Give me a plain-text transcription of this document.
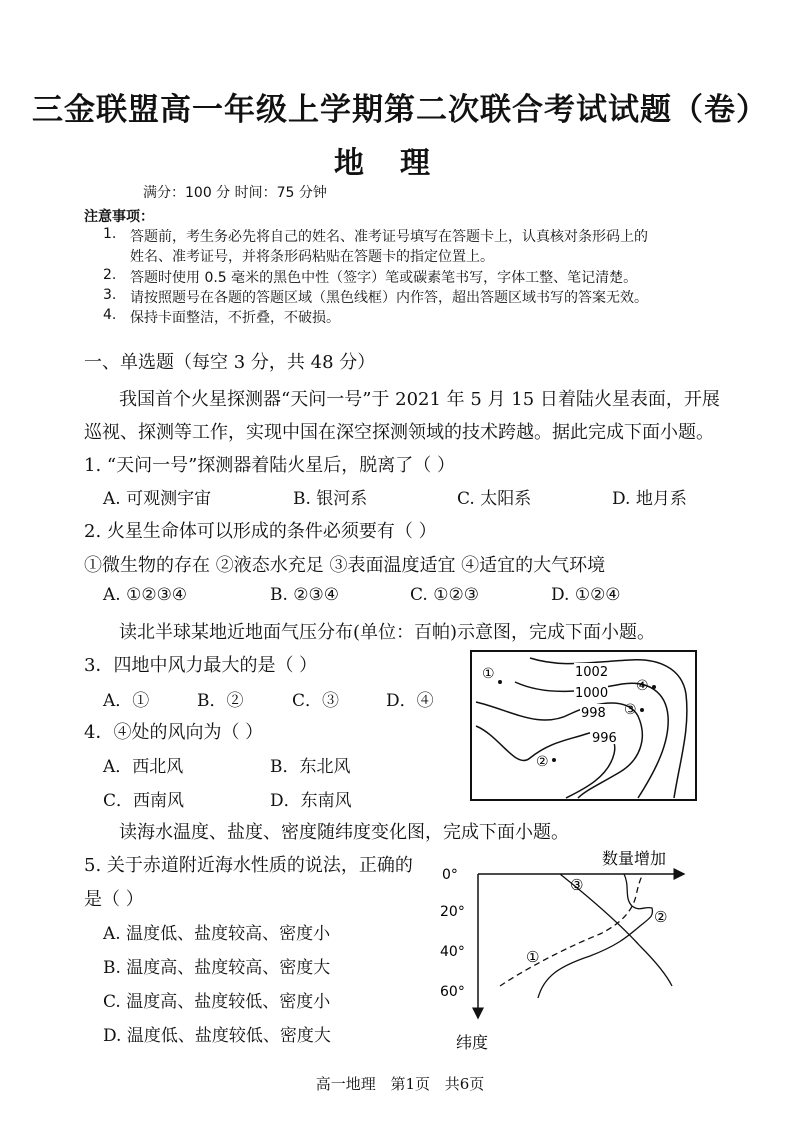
三金联盟高一年级上学期第二次联合考试试题（卷）
地理
满分：100 分 时间：75 分钟
注意事项：
1. 答题前，考生务必先将自己的姓名、准考证号填写在答题卡上，认真核对条形码上的
姓名、准考证号，并将条形码粘贴在答题卡的指定位置上。
2. 答题时使用 0.5 毫米的黑色中性（签字）笔或碳素笔书写，字体工整、笔记清楚。
3. 请按照题号在各题的答题区域（黑色线框）内作答，超出答题区域书写的答案无效。
4. 保持卡面整洁，不折叠，不破损。
一、单选题（每空 3 分，共 48 分）
我国首个火星探测器“天问一号”于 2021 年 5 月 15 日着陆火星表面，开展
巡视、探测等工作，实现中国在深空探测领域的技术跨越。据此完成下面小题。
1. “天问一号”探测器着陆火星后，脱离了（ ）
A. 可观测宇宙	B. 银河系	C. 太阳系	D. 地月系
2. 火星生命体可以形成的条件必须要有（ ）
①微生物的存在 ②液态水充足 ③表面温度适宜 ④适宜的大气环境
A. ①②③④	B. ②③④	C. ①②③	D. ①②④
读北半球某地近地面气压分布(单位：百帕)示意图，完成下面小题。
3．四地中风力最大的是（ ）
A．①	B．②	C．③	D．④
4．④处的风向为（ ）
A．西北风	B．东北风
C．西南风	D．东南风
1002
1000
998
996
①
②
③
④
读海水温度、盐度、密度随纬度变化图，完成下面小题。
5. 关于赤道附近海水性质的说法，正确的
是（ ）
A. 温度低、盐度较高、密度小
B. 温度高、盐度较高、密度大
C. 温度高、盐度较低、密度小
D. 温度低、盐度较低、密度大
数量增加
纬度
0°
20°
40°
60°
①
②
③
高一地理 第1页 共6页
